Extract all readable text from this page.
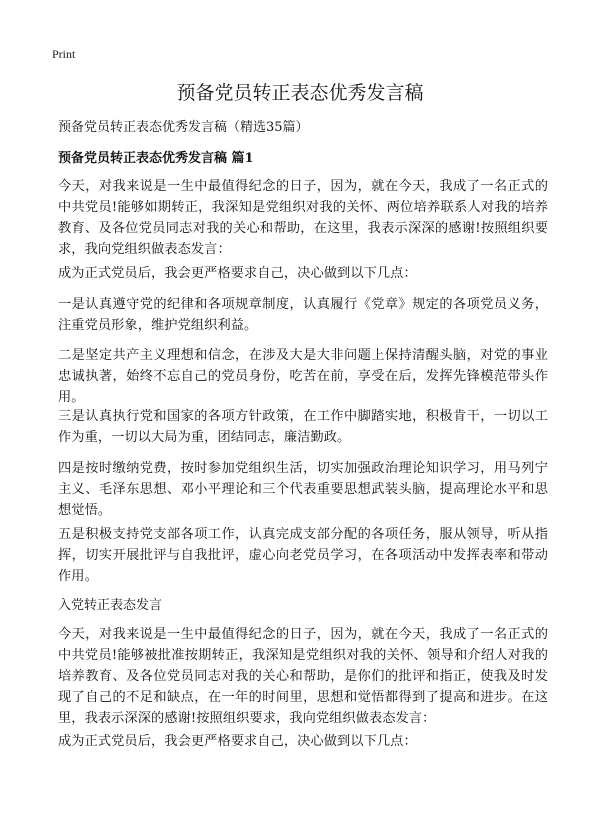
Print
预备党员转正表态优秀发言稿
预备党员转正表态优秀发言稿（精选35篇）
预备党员转正表态优秀发言稿 篇1

今天，对我来说是一生中最值得纪念的日子，因为，就在今天，我成了一名正式的中共党员!能够如期转正，我深知是党组织对我的关怀、两位培养联系人对我的培养教育、及各位党员同志对我的关心和帮助，在这里，我表示深深的感谢!按照组织要求，我向党组织做表态发言：

成为正式党员后，我会更严格要求自己，决心做到以下几点：

一是认真遵守党的纪律和各项规章制度，认真履行《党章》规定的各项党员义务，注重党员形象，维护党组织利益。

二是坚定共产主义理想和信念，在涉及大是大非问题上保持清醒头脑，对党的事业忠诚执著，始终不忘自己的党员身份，吃苦在前，享受在后，发挥先锋模范带头作用。

三是认真执行党和国家的各项方针政策，在工作中脚踏实地，积极肯干，一切以工作为重，一切以大局为重，团结同志，廉洁勤政。

四是按时缴纳党费，按时参加党组织生活，切实加强政治理论知识学习，用马列宁主义、毛泽东思想、邓小平理论和三个代表重要思想武装头脑，提高理论水平和思想觉悟。

五是积极支持党支部各项工作，认真完成支部分配的各项任务，服从领导，听从指挥，切实开展批评与自我批评，虚心向老党员学习，在各项活动中发挥表率和带动作用。

入党转正表态发言

今天，对我来说是一生中最值得纪念的日子，因为，就在今天，我成了一名正式的中共党员!能够被批准按期转正，我深知是党组织对我的关怀、领导和介绍人对我的培养教育、及各位党员同志对我的关心和帮助，是你们的批评和指正，使我及时发现了自己的不足和缺点，在一年的时间里，思想和觉悟都得到了提高和进步。在这里，我表示深深的感谢!按照组织要求，我向党组织做表态发言：

成为正式党员后，我会更严格要求自己，决心做到以下几点：
